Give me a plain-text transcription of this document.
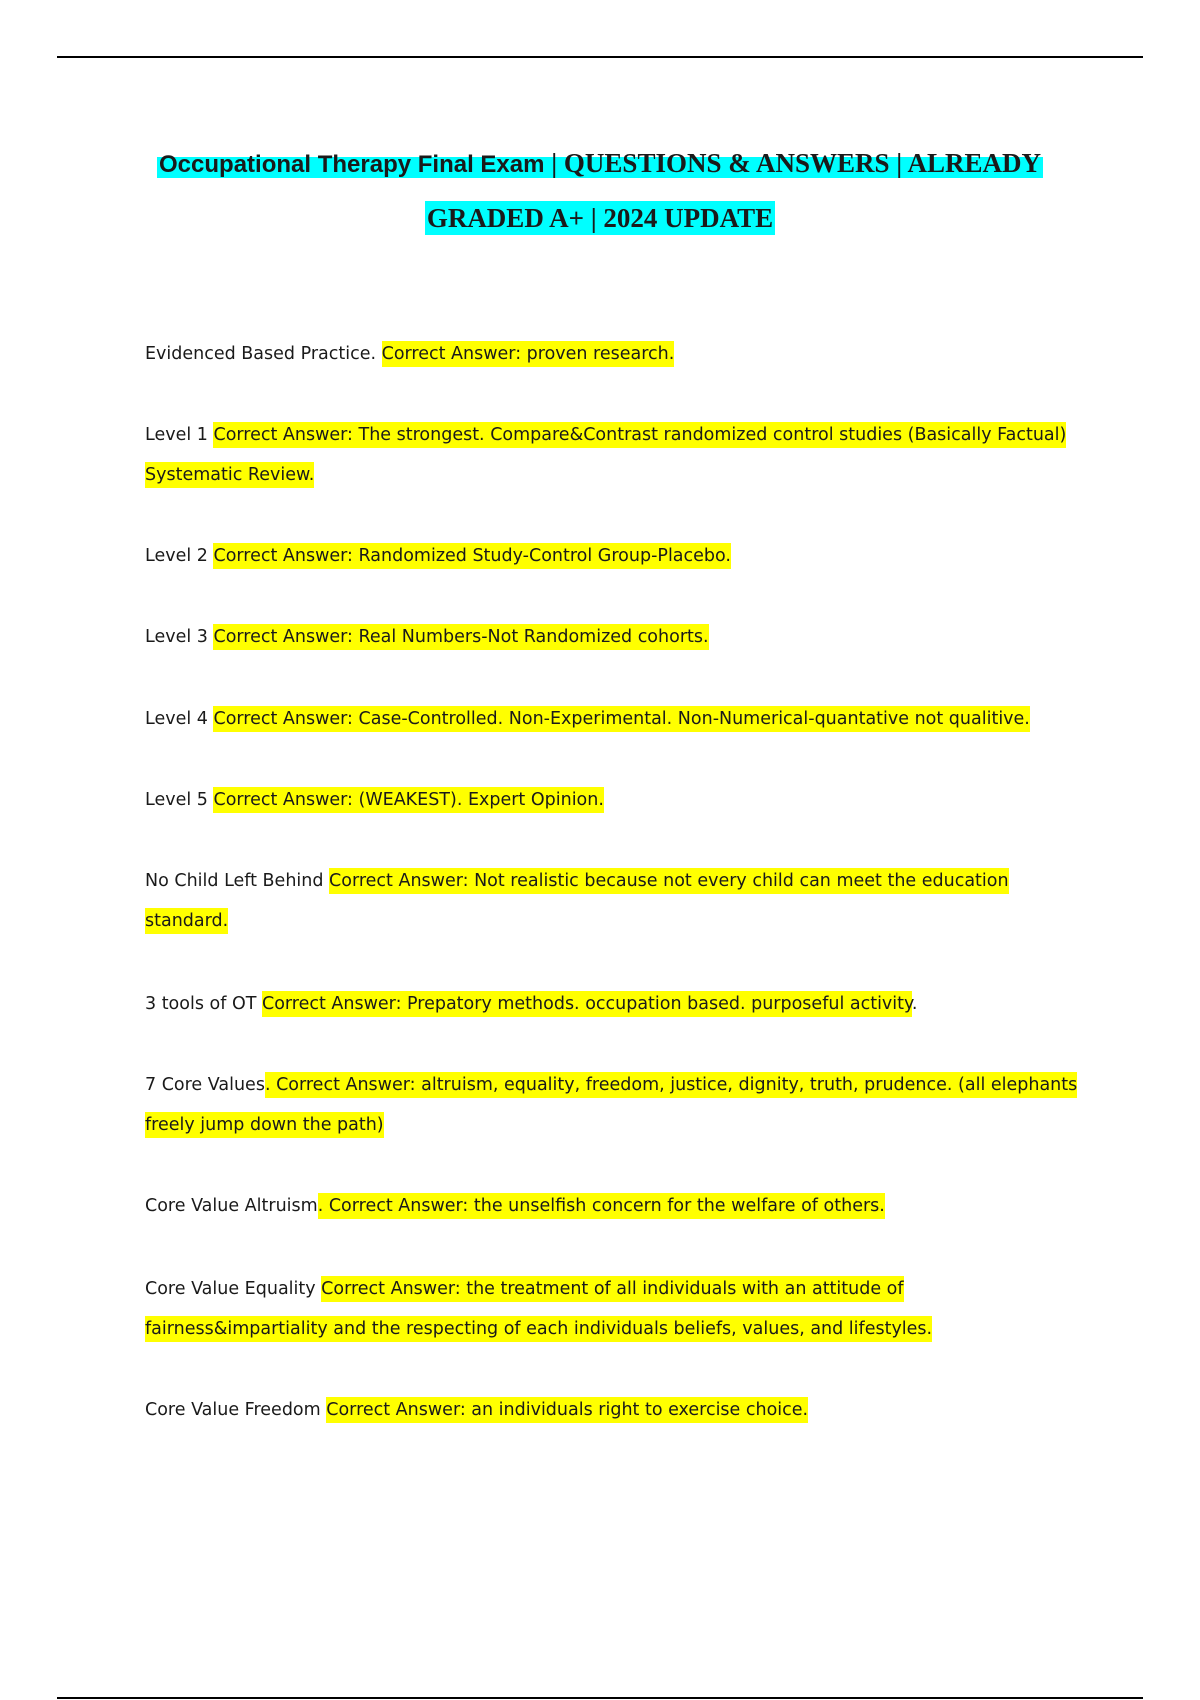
Occupational Therapy Final Exam | QUESTIONS & ANSWERS | ALREADY
GRADED A+ | 2024 UPDATE
Evidenced Based Practice. Correct Answer: proven research.
Level 1 Correct Answer: The strongest. Compare&Contrast randomized control studies (Basically Factual) Systematic Review.
Level 2 Correct Answer: Randomized Study-Control Group-Placebo.
Level 3 Correct Answer: Real Numbers-Not Randomized cohorts.
Level 4 Correct Answer: Case-Controlled. Non-Experimental. Non-Numerical-quantative not qualitive.
Level 5 Correct Answer: (WEAKEST). Expert Opinion.
No Child Left Behind Correct Answer: Not realistic because not every child can meet the education standard.
3 tools of OT Correct Answer: Prepatory methods. occupation based. purposeful activity.
7 Core Values. Correct Answer: altruism, equality, freedom, justice, dignity, truth, prudence. (all elephants freely jump down the path)
Core Value Altruism. Correct Answer: the unselfish concern for the welfare of others.
Core Value Equality Correct Answer: the treatment of all individuals with an attitude of fairness&impartiality and the respecting of each individuals beliefs, values, and lifestyles.
Core Value Freedom Correct Answer: an individuals right to exercise choice.
